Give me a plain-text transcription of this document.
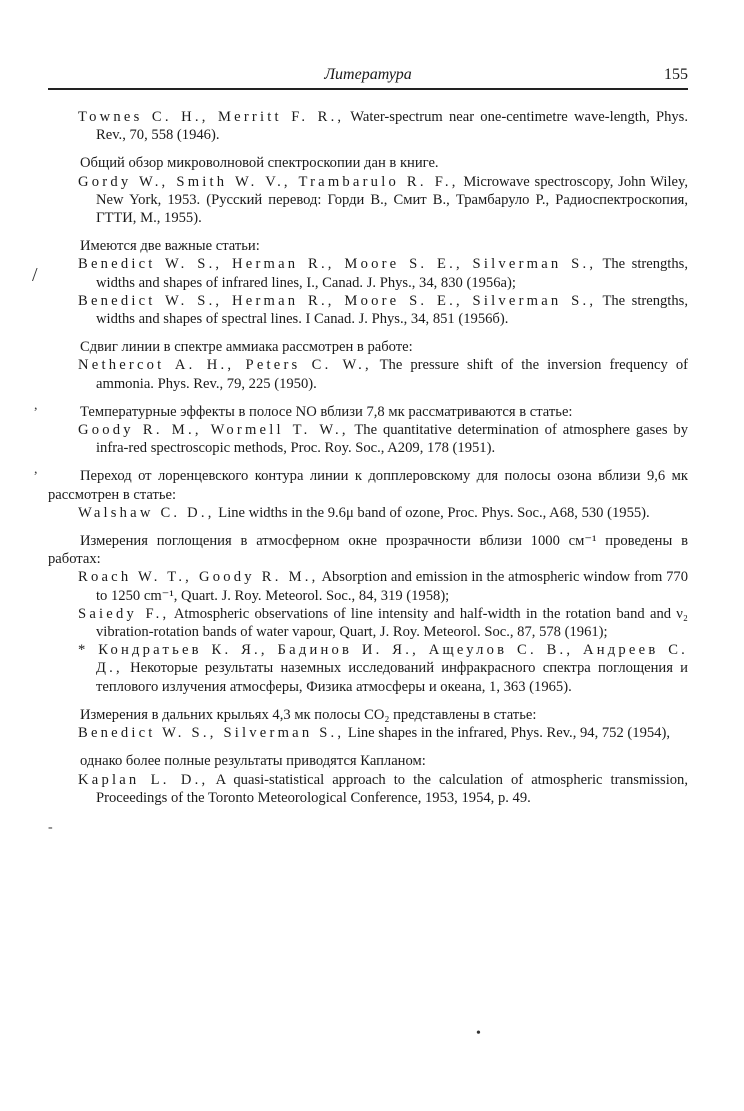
Литература	155
/
,
,
-
•

Townes C. H., Merritt F. R., Water-spectrum near one-centimetre wave-length, Phys. Rev., 70, 558 (1946).

Общий обзор микроволновой спектроскопии дан в книге.

Gordy W., Smith W. V., Trambarulo R. F., Microwave spectroscopy, John Wiley, New York, 1953. (Русский перевод: Горди В., Смит В., Трамбарулo Р., Радиоспектроскопия, ГТТИ, М., 1955).

Имеются две важные статьи:

Benedict W. S., Herman R., Moore S. E., Silverman S., The strengths, widths and shapes of infrared lines, I., Canad. J. Phys., 34, 830 (1956a);

Benedict W. S., Herman R., Moore S. E., Silverman S., The strengths, widths and shapes of spectral lines. I Canad. J. Phys., 34, 851 (1956б).

Сдвиг линии в спектре аммиака рассмотрен в работе:

Nethercot A. H., Peters C. W., The pressure shift of the inversion frequency of ammonia. Phys. Rev., 79, 225 (1950).

Температурные эффекты в полосе NO вблизи 7,8 мк рассматриваются в статье:

Goody R. M., Wormell T. W., The quantitative determination of atmosphere gases by infra-red spectroscopic methods, Proc. Roy. Soc., A209, 178 (1951).

Переход от лоренцевского контура линии к допплеровскому для полосы озона вблизи 9,6 мк рассмотрен в статье:

Walshaw C. D., Line widths in the 9.6μ band of ozone, Proc. Phys. Soc., A68, 530 (1955).

Измерения поглощения в атмосферном окне прозрачности вблизи 1000 см⁻¹ проведены в работах:

Roach W. T., Goody R. M., Absorption and emission in the atmospheric window from 770 to 1250 cm⁻¹, Quart. J. Roy. Meteorol. Soc., 84, 319 (1958);

Saiedy F., Atmospheric observations of line intensity and half-width in the rotation band and ν₂ vibration-rotation bands of water vapour, Quart, J. Roy. Meteorol. Soc., 87, 578 (1961);

* Кондратьев К. Я., Бадинов И. Я., Ащеулов С. В., Андреев С. Д., Некоторые результаты наземных исследований инфракрасного спектра поглощения и теплового излучения атмосферы, Физика атмосферы и океана, 1, 363 (1965).

Измерения в дальних крыльях 4,3 мк полосы CO₂ представлены в статье:

Benedict W. S., Silverman S., Line shapes in the infrared, Phys. Rev., 94, 752 (1954),

однако более полные результаты приводятся Капланом:

Kaplan L. D., A quasi-statistical approach to the calculation of atmospheric transmission, Proceedings of the Toronto Meteorological Conference, 1953, 1954, p. 49.
